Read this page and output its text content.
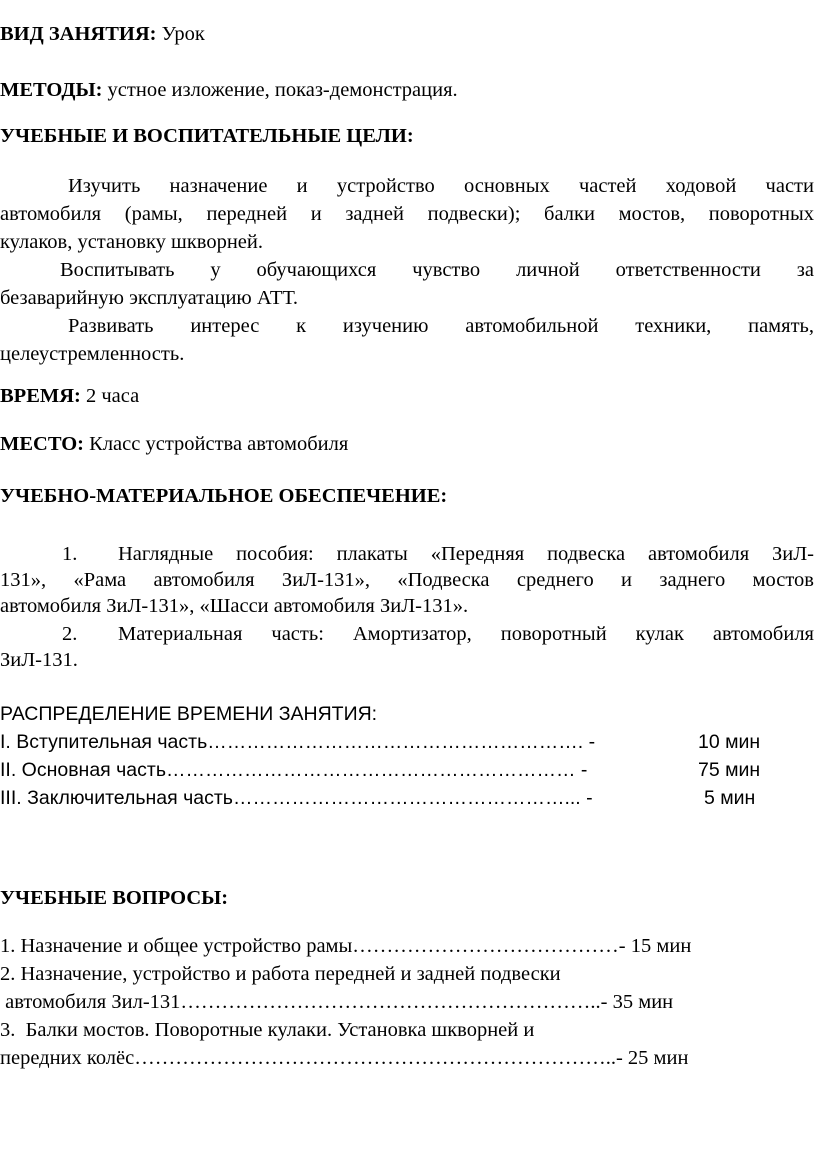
ВИД ЗАНЯТИЯ: Урок
МЕТОДЫ: устное изложение, показ-демонстрация.
УЧЕБНЫЕ И ВОСПИТАТЕЛЬНЫЕ ЦЕЛИ:
Изучить назначение и устройство основных частей ходовой части
автомобиля (рамы, передней и задней подвески); балки мостов, поворотных
кулаков, установку шкворней.
Воспитывать у обучающихся чувство личной ответственности за
безаварийную эксплуатацию АТТ.
Развивать интерес к изучению автомобильной техники, память,
целеустремленность.
ВРЕМЯ: 2 часа
МЕСТО: Класс устройства автомобиля
УЧЕБНО-МАТЕРИАЛЬНОЕ ОБЕСПЕЧЕНИЕ:
1. Наглядные пособия: плакаты «Передняя подвеска автомобиля ЗиЛ-
131», «Рама автомобиля ЗиЛ-131», «Подвеска среднего и заднего мостов
автомобиля ЗиЛ-131», «Шасси автомобиля ЗиЛ-131».
2. Материальная часть: Амортизатор, поворотный кулак автомобиля
ЗиЛ-131.
РАСПРЕДЕЛЕНИЕ ВРЕМЕНИ ЗАНЯТИЯ:
I. Вступительная часть…………………………………………………. -	10 мин
II. Основная часть……………………………………………………… -	75 мин
III. Заключительная часть……………………………………………... -	5 мин
УЧЕБНЫЕ ВОПРОСЫ:
1. Назначение и общее устройство рамы…………………………………- 15 мин
2. Назначение, устройство и работа передней и задней подвески
автомобиля Зил-131……………………………………………………..- 35 мин
3.  Балки мостов. Поворотные кулаки. Установка шкворней и
передних колёс……………………………………………………………..- 25 мин
